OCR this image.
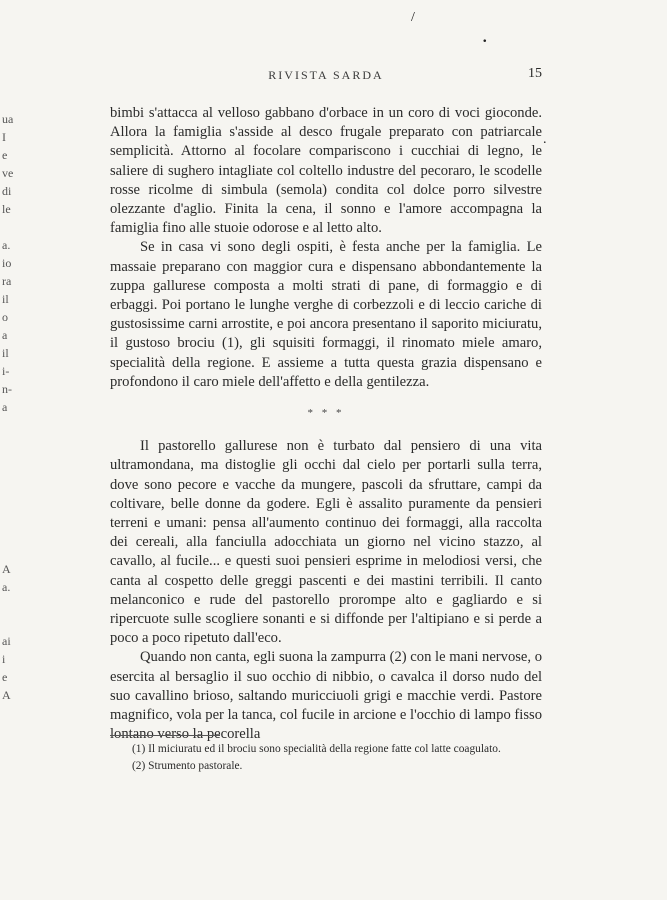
.
/
.
ua
I
e
ve
di
le

a.
io
ra
il
o
a
il
i-
n-
a
A
a.

ai
i
e
A
RIVISTA SARDA	15

bimbi s'attacca al velloso gabbano d'orbace in un coro di voci gioconde. Allora la famiglia s'asside al desco frugale preparato con patriarcale semplicità. Attorno al focolare compariscono i cucchiai di legno, le saliere di sughero intagliate col coltello industre del pecoraro, le scodelle rosse ricolme di simbula (semola) condita col dolce porro silvestre olezzante d'aglio. Finita la cena, il sonno e l'amore accompagna la famiglia fino alle stuoie odorose e al letto alto.

Se in casa vi sono degli ospiti, è festa anche per la famiglia. Le massaie preparano con maggior cura e dispensano abbondantemente la zuppa gallurese composta a molti strati di pane, di formaggio e di erbaggi. Poi portano le lunghe verghe di corbezzoli e di leccio cariche di gustosissime carni arrostite, e poi ancora presentano il saporito miciuratu, il gustoso brociu (1), gli squisiti formaggi, il rinomato miele amaro, specialità della regione. E assieme a tutta questa grazia dispensano e profondono il caro miele dell'affetto e della gentilezza.

* * *

Il pastorello gallurese non è turbato dal pensiero di una vita ultramondana, ma distoglie gli occhi dal cielo per portarli sulla terra, dove sono pecore e vacche da mungere, pascoli da sfruttare, campi da coltivare, belle donne da godere. Egli è assalito puramente da pensieri terreni e umani: pensa all'aumento continuo dei formaggi, alla raccolta dei cereali, alla fanciulla adocchiata un giorno nel vicino stazzo, al cavallo, al fucile... e questi suoi pensieri esprime in melodiosi versi, che canta al cospetto delle greggi pascenti e dei mastini terribili. Il canto melanconico e rude del pastorello prorompe alto e gagliardo e si ripercuote sulle scogliere sonanti e si diffonde per l'altipiano e si perde a poco a poco ripetuto dall'eco.

Quando non canta, egli suona la zampurra (2) con le mani nervose, o esercita al bersaglio il suo occhio di nibbio, o cavalca il dorso nudo del suo cavallino brioso, saltando muricciuoli grigi e macchie verdi. Pastore magnifico, vola per la tanca, col fucile in arcione e l'occhio di lampo fisso lontano verso la pecorella

(1) Il miciuratu ed il brociu sono specialità della regione fatte col latte coagulato.

(2) Strumento pastorale.
